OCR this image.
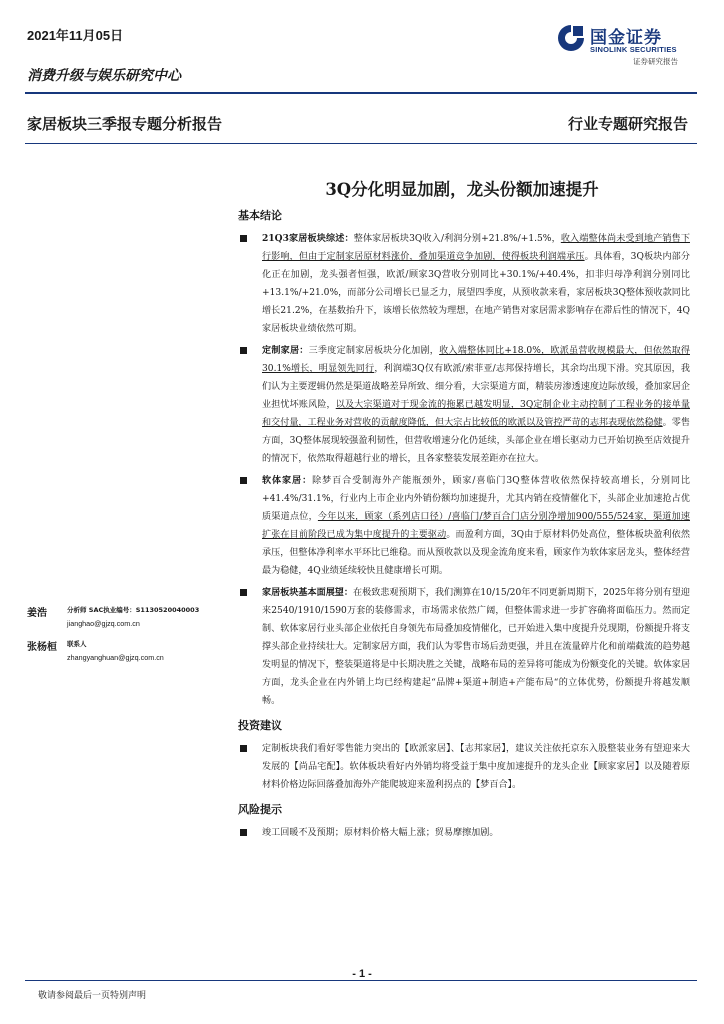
2021年11月05日	国金证券
SINOLINK SECURITIES
证券研究报告
消费升级与娱乐研究中心
家居板块三季报专题分析报告	行业专题研究报告
3Q分化明显加剧，龙头份额加速提升
基本结论
21Q3家居板块综述：整体家居板块3Q收入/利润分别+21.8%/+1.5%，收入端整体尚未受到地产销售下行影响，但由于定制家居原材料涨价，叠加渠道竞争加剧，使得板块利润端承压。具体看，3Q板块内部分化正在加剧，龙头强者恒强，欧派/顾家3Q营收分别同比+30.1%/+40.4%，扣非归母净利润分别同比+13.1%/+21.0%，而部分公司增长已显乏力，展望四季度，从预收款来看，家居板块3Q整体预收款同比增长21.2%，在基数抬升下，该增长依然较为理想，在地产销售对家居需求影响存在滞后性的情况下，4Q家居板块业绩依然可期。
定制家居：三季度定制家居板块分化加剧，收入端整体同比+18.0%，欧派虽营收规模最大，但依然取得30.1%增长，明显领先同行，利润端3Q仅有欧派/索菲亚/志邦保持增长，其余均出现下滑。究其原因，我们认为主要逻辑仍然是渠道战略差异所致、细分看，大宗渠道方面，精装房渗透速度边际放缓，叠加家居企业担忧坏账风险，以及大宗渠道对于现金流的拖累已越发明显，3Q定制企业主动控制了工程业务的接单量和交付量，工程业务对营收的贡献度降低，但大宗占比较低的欧派以及管控严苛的志邦表现依然稳健。零售方面，3Q整体展现较强盈利韧性，但营收增速分化仍延续，头部企业在增长驱动力已开始切换至店效提升的情况下，依然取得超越行业的增长，且各家整装发展差距亦在拉大。
软体家居：除梦百合受制海外产能瓶颈外，顾家/喜临门3Q整体营收依然保持较高增长，分别同比+41.4%/31.1%，行业内上市企业内外销份额均加速提升，尤其内销在疫情催化下，头部企业加速抢占优质渠道点位，今年以来，顾家（系列店口径）/喜临门/梦百合门店分别净增加900/555/524家，渠道加速扩张在目前阶段已成为集中度提升的主要驱动。而盈利方面，3Q由于原材料仍处高位，整体板块盈利依然承压，但整体净利率水平环比已维稳。而从预收款以及现金流角度来看，顾家作为软体家居龙头，整体经营最为稳健，4Q业绩延续较快且健康增长可期。
家居板块基本面展望：在极致悲观预期下，我们测算在10/15/20年不同更新周期下，2025年将分别有望迎来2540/1910/1590万套的装修需求，市场需求依然广阔，但整体需求进一步扩容确将面临压力。然而定制、软体家居行业头部企业依托自身领先布局叠加疫情催化，已开始进入集中度提升兑现期，份额提升将支撑头部企业持续壮大。定制家居方面，我们认为零售市场后劲更强，并且在流量碎片化和前端截流的趋势越发明显的情况下，整装渠道将是中长期决胜之关键，战略布局的差异将可能成为份额变化的关键。软体家居方面，龙头企业在内外销上均已经构建起“品牌+渠道+制造+产能布局“的立体优势，份额提升将越发顺畅。
投资建议
定制板块我们看好零售能力突出的【欧派家居】、【志邦家居】，建议关注依托京东入股整装业务有望迎来大发展的【尚品宅配】。软体板块看好内外销均将受益于集中度加速提升的龙头企业【顾家家居】以及随着原材料价格边际回落叠加海外产能爬坡迎来盈利拐点的【梦百合】。
风险提示
竣工回暖不及预期；原材料价格大幅上涨；贸易摩擦加剧。
姜浩	分析师 SAC执业编号：S1130520040003
jianghao@gjzq.com.cn
张杨桓 联系人
zhangyanghuan@gjzq.com.cn
- 1 -
敬请参阅最后一页特别声明
